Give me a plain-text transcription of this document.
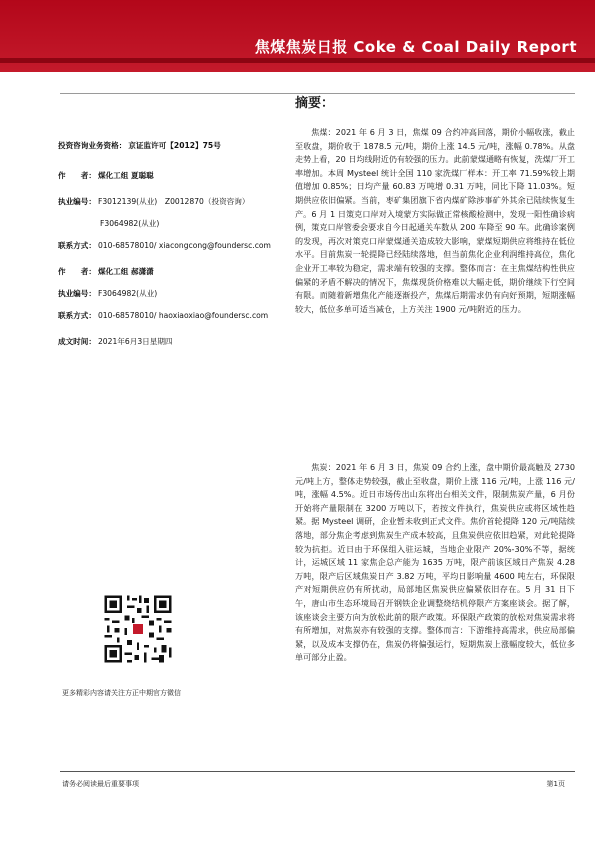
焦煤焦炭日报 Coke & Coal Daily Report
投资咨询业务资格： 京证监许可【2012】75号
作　　者： 煤化工组 夏聪聪
执业编号： F3012139(从业)　Z0012870（投资咨询）
F3064982(从业)
联系方式： 010-68578010/ xiacongcong@foundersc.com
作　　者： 煤化工组 郝潇潇
执业编号： F3064982(从业)
联系方式： 010-68578010/ haoxiaoxiao@foundersc.com
成文时间： 2021年6月3日星期四
更多精彩内容请关注方正中期官方微信
摘要：

焦煤：2021 年 6 月 3 日，焦煤 09 合约冲高回落，期价小幅收涨，截止至收盘，期价收于 1878.5 元/吨，期价上涨 14.5 元/吨，涨幅 0.78%。从盘走势上看，20 日均线附近仍有较强的压力。此前蒙煤通略有恢复，洗煤厂开工率增加。本周 Mysteel 统计全国 110 家洗煤厂样本：开工率 71.59%较上期值增加 0.85%；日均产量 60.83 万吨增 0.31 万吨，同比下降 11.03%。短期供应依旧偏紧。当前，枣矿集团旗下省内煤矿除涉事矿外其余已陆续恢复生产。6 月 1 日策克口岸对入境蒙方实际做正常核酸检测中，发现一阳性确诊病例，策克口岸管委会要求自今日起通关车数从 200 车降至 90 车。此确诊案例的发现，再次对策克口岸蒙煤通关造成较大影响，蒙煤短期供应将维持在低位水平。目前焦炭一轮提降已经陆续落地，但当前焦化企业利润维持高位，焦化企业开工率较为稳定，需求端有较强的支撑。整体而言：在主焦煤结构性供应偏紧的矛盾不解决的情况下，焦煤现货价格难以大幅走低，期价继续下行空间有限。而随着新增焦化产能逐渐投产，焦煤后期需求仍有向好预期，短期涨幅较大，低位多单可适当减仓，上方关注 1900 元/吨附近的压力。

焦炭：2021 年 6 月 3 日，焦炭 09 合约上涨，盘中期价最高触及 2730 元/吨上方，整体走势较强，截止至收盘，期价上涨 116 元/吨，上涨 116 元/吨，涨幅 4.5%。近日市场传出山东将出台相关文件，限制焦炭产量，6 月份开始将产量限制在 3200 万吨以下，若按文件执行，焦炭供应或将区域性趋紧。据 Mysteel 调研，企业暂未收到正式文件。焦价首轮提降 120 元/吨陆续落地，部分焦企考虑到焦炭生产成本较高，且焦炭供应依旧趋紧，对此轮提降较为抗拒。近日由于环保组入驻运城，当地企业限产 20%-30%不等，据统计，运城区域 11 家焦企总产能为 1635 万吨，限产前该区域日产焦炭 4.28 万吨，限产后区域焦炭日产 3.82 万吨，平均日影响量 4600 吨左右，环保限产对短期供应仍有所扰动，局部地区焦炭供应偏紧依旧存在。5 月 31 日下午，唐山市生态环境局召开钢铁企业调整烧结机停限产方案座谈会。据了解，该座谈会主要方向为放松此前的限产政策。环保限产政策的放松对焦炭需求将有所增加，对焦炭亦有较强的支撑。整体而言：下游维持高需求，供应局部偏紧，以及成本支撑仍在，焦炭仍将偏强运行，短期焦炭上涨幅度较大，低位多单可部分止盈。

请务必阅读最后重要事项	第1页
